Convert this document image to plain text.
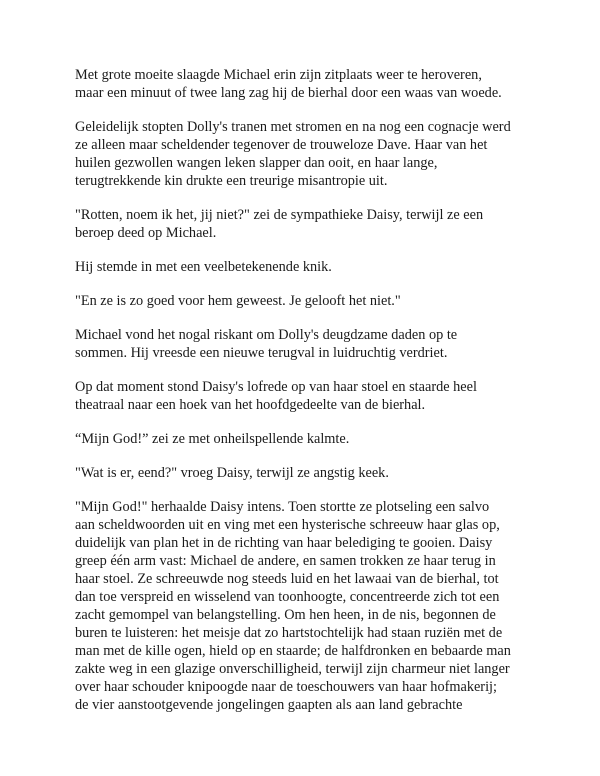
Met grote moeite slaagde Michael erin zijn zitplaats weer te heroveren,
maar een minuut of twee lang zag hij de bierhal door een waas van woede.

Geleidelijk stopten Dolly's tranen met stromen en na nog een cognacje werd
ze alleen maar scheldender tegenover de trouweloze Dave. Haar van het
huilen gezwollen wangen leken slapper dan ooit, en haar lange,
terugtrekkende kin drukte een treurige misantropie uit.

"Rotten, noem ik het, jij niet?" zei de sympathieke Daisy, terwijl ze een
beroep deed op Michael.

Hij stemde in met een veelbetekenende knik.

"En ze is zo goed voor hem geweest. Je gelooft het niet."

Michael vond het nogal riskant om Dolly's deugdzame daden op te
sommen. Hij vreesde een nieuwe terugval in luidruchtig verdriet.

Op dat moment stond Daisy's lofrede op van haar stoel en staarde heel
theatraal naar een hoek van het hoofdgedeelte van de bierhal.

“Mijn God!” zei ze met onheilspellende kalmte.

"Wat is er, eend?" vroeg Daisy, terwijl ze angstig keek.

"Mijn God!" herhaalde Daisy intens. Toen stortte ze plotseling een salvo
aan scheldwoorden uit en ving met een hysterische schreeuw haar glas op,
duidelijk van plan het in de richting van haar belediging te gooien. Daisy
greep één arm vast: Michael de andere, en samen trokken ze haar terug in
haar stoel. Ze schreeuwde nog steeds luid en het lawaai van de bierhal, tot
dan toe verspreid en wisselend van toonhoogte, concentreerde zich tot een
zacht gemompel van belangstelling. Om hen heen, in de nis, begonnen de
buren te luisteren: het meisje dat zo hartstochtelijk had staan ruziën met de
man met de kille ogen, hield op en staarde; de halfdronken en bebaarde man
zakte weg in een glazige onverschilligheid, terwijl zijn charmeur niet langer
over haar schouder knipoogde naar de toeschouwers van haar hofmakerij;
de vier aanstootgevende jongelingen gaapten als aan land gebrachte
